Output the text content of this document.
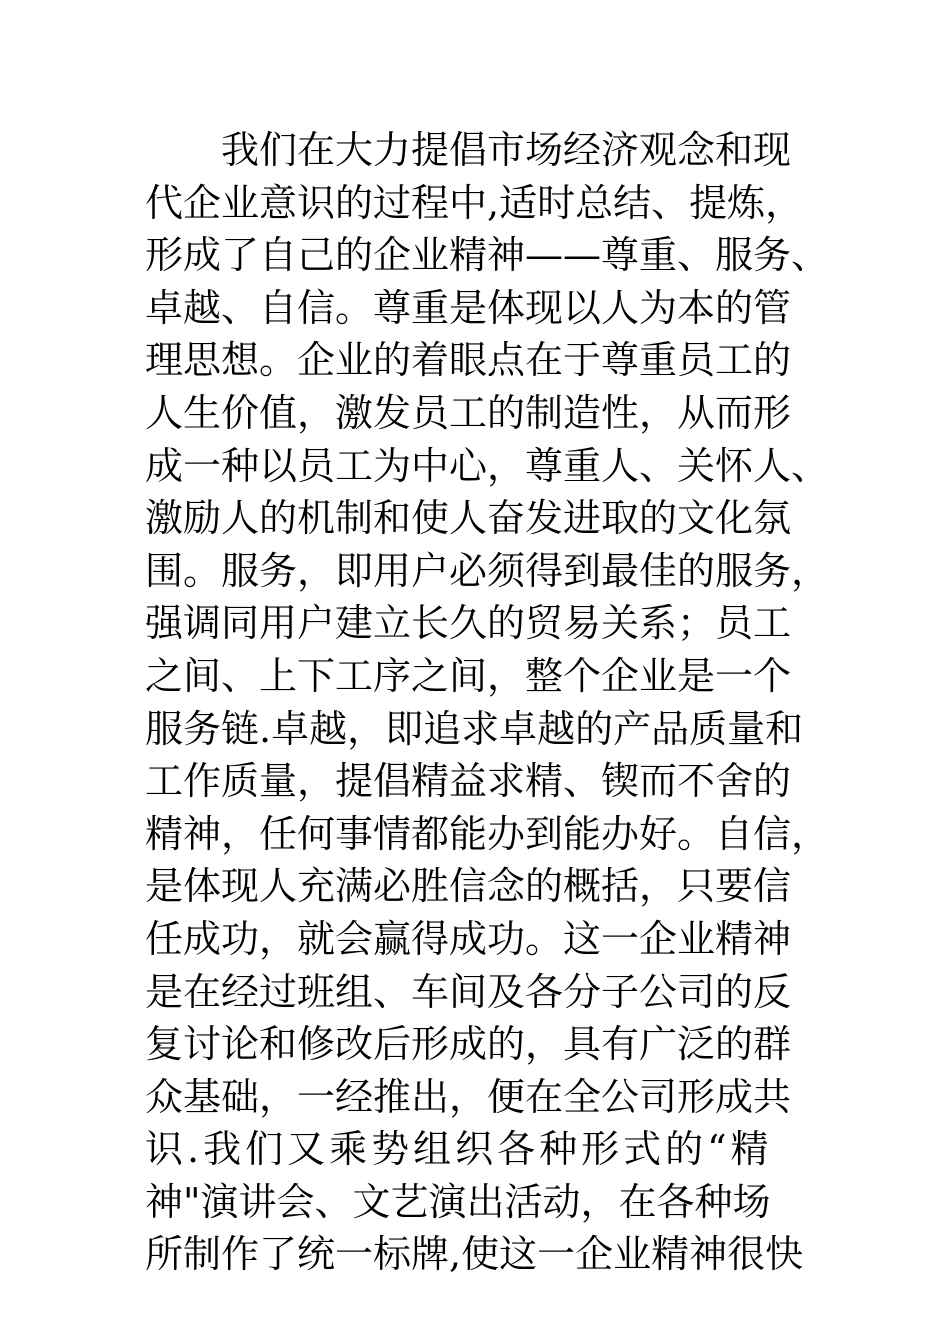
我们在大力提倡市场经济观念和现
代企业意识的过程中,适时总结、提炼，
形成了自己的企业精神——尊重、服务、
卓越、自信。尊重是体现以人为本的管
理思想。企业的着眼点在于尊重员工的
人生价值，激发员工的制造性，从而形
成一种以员工为中心，尊重人、关怀人、
激励人的机制和使人奋发进取的文化氛
围。服务，即用户必须得到最佳的服务，
强调同用户建立长久的贸易关系；员工
之间、上下工序之间，整个企业是一个
服务链.卓越，即追求卓越的产品质量和
工作质量，提倡精益求精、锲而不舍的
精神，任何事情都能办到能办好。自信，
是体现人充满必胜信念的概括，只要信
任成功，就会赢得成功。这一企业精神
是在经过班组、车间及各分子公司的反
复讨论和修改后形成的，具有广泛的群
众基础，一经推出，便在全公司形成共
识.我们又乘势组织各种形式的“精
神"演讲会、文艺演出活动，在各种场
所制作了统一标牌,使这一企业精神很快
